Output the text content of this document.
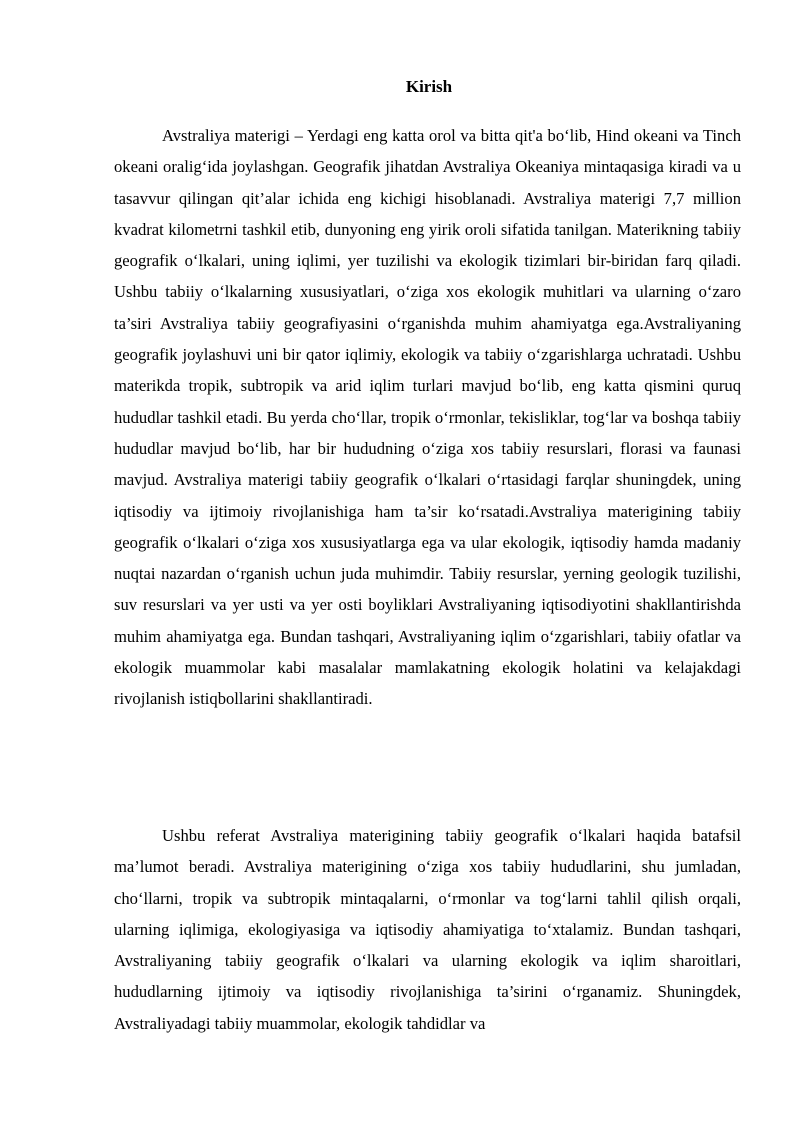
Kirish

Avstraliya materigi – Yerdagi eng katta orol va bitta qit'a bo‘lib, Hind okeani va Tinch okeani oralig‘ida joylashgan. Geografik jihatdan Avstraliya Okeaniya mintaqasiga kiradi va u tasavvur qilingan qit’alar ichida eng kichigi hisoblanadi. Avstraliya materigi 7,7 million kvadrat kilometrni tashkil etib, dunyoning eng yirik oroli sifatida tanilgan. Materikning tabiiy geografik o‘lkalari, uning iqlimi, yer tuzilishi va ekologik tizimlari bir-biridan farq qiladi. Ushbu tabiiy o‘lkalarning xususiyatlari, o‘ziga xos ekologik muhitlari va ularning o‘zaro ta’siri Avstraliya tabiiy geografiyasini o‘rganishda muhim ahamiyatga ega.Avstraliyaning geografik joylashuvi uni bir qator iqlimiy, ekologik va tabiiy o‘zgarishlarga uchratadi. Ushbu materikda tropik, subtropik va arid iqlim turlari mavjud bo‘lib, eng katta qismini quruq hududlar tashkil etadi. Bu yerda cho‘llar, tropik o‘rmonlar, tekisliklar, tog‘lar va boshqa tabiiy hududlar mavjud bo‘lib, har bir hududning o‘ziga xos tabiiy resurslari, florasi va faunasi mavjud. Avstraliya materigi tabiiy geografik o‘lkalari o‘rtasidagi farqlar shuningdek, uning iqtisodiy va ijtimoiy rivojlanishiga ham ta’sir ko‘rsatadi.Avstraliya materigining tabiiy geografik o‘lkalari o‘ziga xos xususiyatlarga ega va ular ekologik, iqtisodiy hamda madaniy nuqtai nazardan o‘rganish uchun juda muhimdir. Tabiiy resurslar, yerning geologik tuzilishi, suv resurslari va yer usti va yer osti boyliklari Avstraliyaning iqtisodiyotini shakllantirishda muhim ahamiyatga ega. Bundan tashqari, Avstraliyaning iqlim o‘zgarishlari, tabiiy ofatlar va ekologik muammolar kabi masalalar mamlakatning ekologik holatini va kelajakdagi rivojlanish istiqbollarini shakllantiradi.

Ushbu referat Avstraliya materigining tabiiy geografik o‘lkalari haqida batafsil ma’lumot beradi. Avstraliya materigining o‘ziga xos tabiiy hududlarini, shu jumladan, cho‘llarni, tropik va subtropik mintaqalarni, o‘rmonlar va tog‘larni tahlil qilish orqali, ularning iqlimiga, ekologiyasiga va iqtisodiy ahamiyatiga to‘xtalamiz. Bundan tashqari, Avstraliyaning tabiiy geografik o‘lkalari va ularning ekologik va iqlim sharoitlari, hududlarning ijtimoiy va iqtisodiy rivojlanishiga ta’sirini o‘rganamiz. Shuningdek, Avstraliyadagi tabiiy muammolar, ekologik tahdidlar va
